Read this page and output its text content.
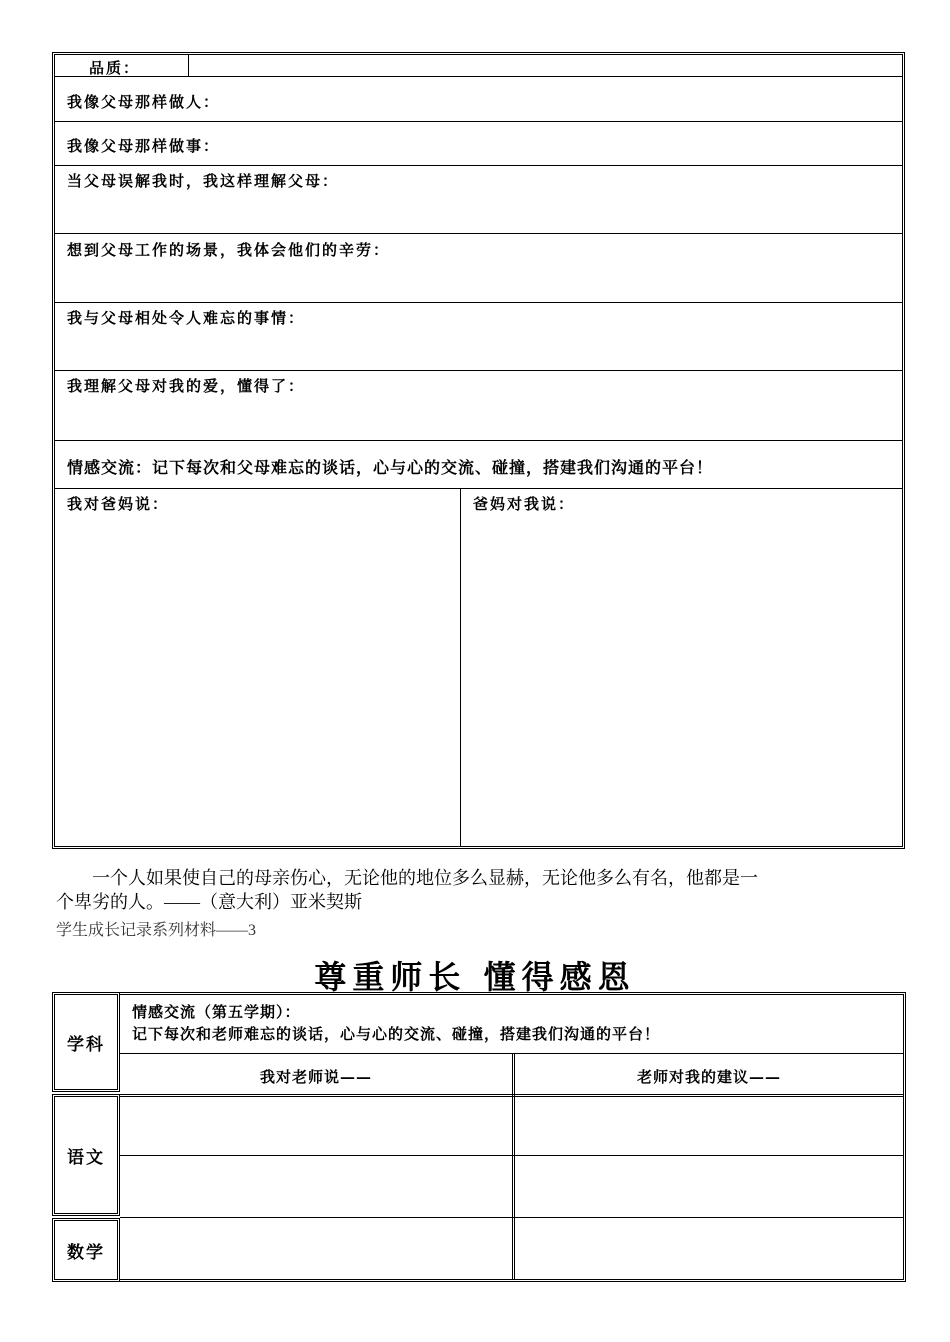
品质：
我像父母那样做人：
我像父母那样做事：
当父母误解我时，我这样理解父母：
想到父母工作的场景，我体会他们的辛劳：
我与父母相处令人难忘的事情：
我理解父母对我的爱，懂得了：
情感交流：记下每次和父母难忘的谈话，心与心的交流、碰撞，搭建我们沟通的平台！
我对爸妈说：	爸妈对我说：
一个人如果使自己的母亲伤心，无论他的地位多么显赫，无论他多么有名，他都是一
个卑劣的人。——（意大利）亚米契斯
学生成长记录系列材料——3
尊重师长 懂得感恩
学科
语文
数学
情感交流（第五学期）：
记下每次和老师难忘的谈话，心与心的交流、碰撞，搭建我们沟通的平台！
我对老师说——	老师对我的建议——
